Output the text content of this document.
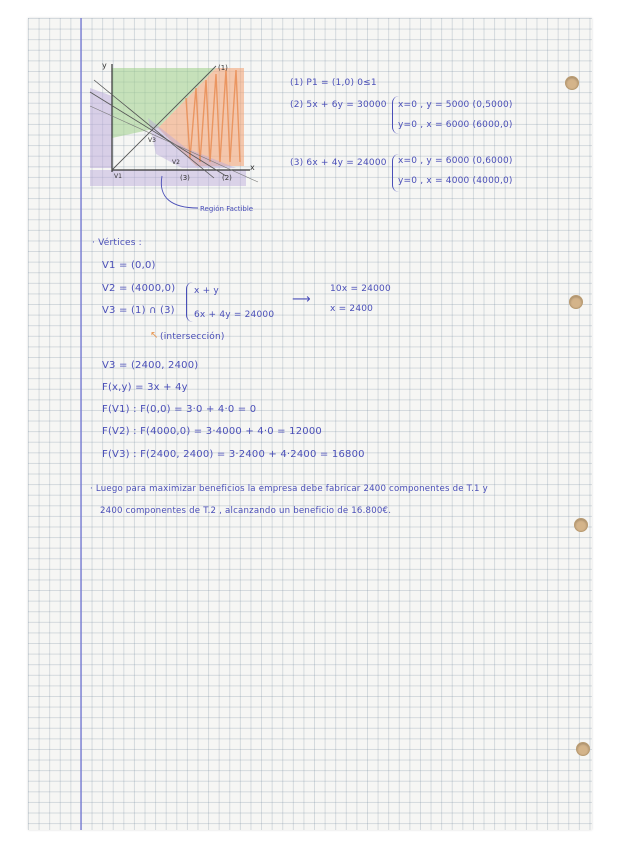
y
x
(1)
(2)
(3)
V1
V2
V3
Región Factible
(1) P1 = (1,0) 0≤1
(2) 5x + 6y = 30000 x=0 , y = 5000 (0,5000)
y=0 , x = 6000 (6000,0)
(3) 6x + 4y = 24000 x=0 , y = 6000 (0,6000)
y=0 , x = 4000 (4000,0)
· Vértices :
V1 = (0,0)
V2 = (4000,0)
V3 = (1) ∩ (3)
x + y
6x + 4y = 24000
↖ (intersección)
⟶
10x = 24000
x = 2400
V3 = (2400, 2400)
F(x,y) = 3x + 4y
F(V1) : F(0,0) = 3·0 + 4·0 = 0
F(V2) : F(4000,0) = 3·4000 + 4·0 = 12000
F(V3) : F(2400, 2400) = 3·2400 + 4·2400 = 16800
· Luego para maximizar beneficios la empresa debe fabricar 2400 componentes de T.1 y
2400 componentes de T.2 , alcanzando un beneficio de 16.800€.
